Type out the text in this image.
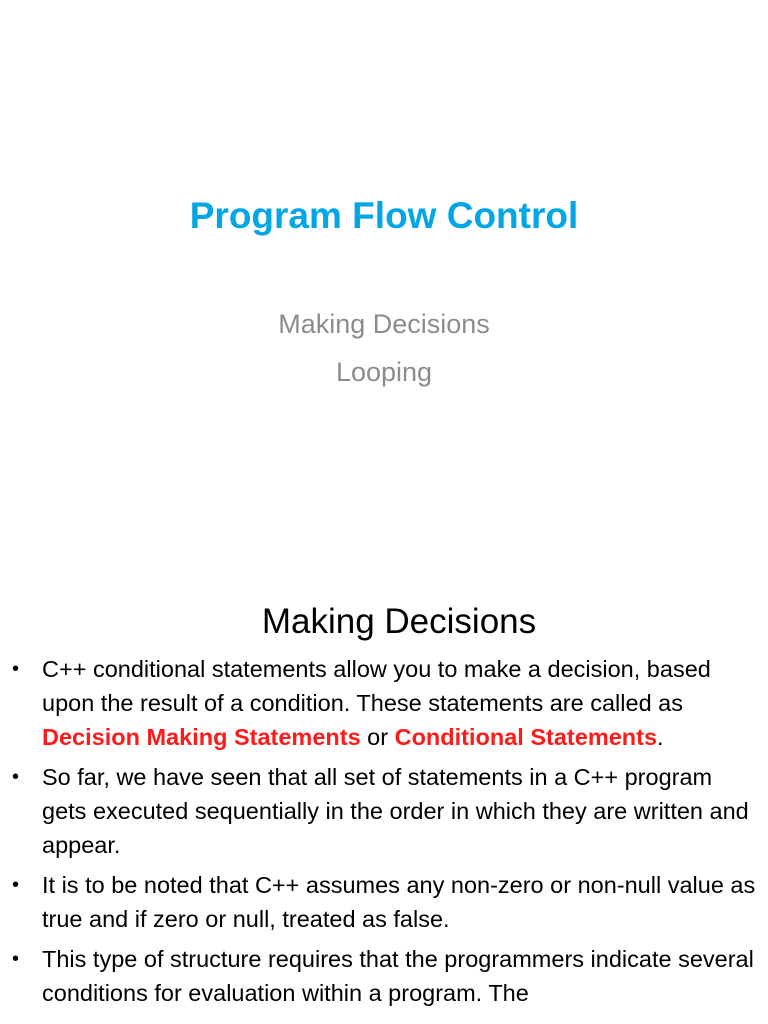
Program Flow Control
Making Decisions
Looping
Making Decisions
• C++ conditional statements allow you to make a decision, based upon the result of a condition. These statements are called as Decision Making Statements or Conditional Statements.
• So far, we have seen that all set of statements in a C++ program gets executed sequentially in the order in which they are written and appear.
• It is to be noted that C++ assumes any non-zero or non-null value as true and if zero or null, treated as false.
• This type of structure requires that the programmers indicate several conditions for evaluation within a program. The
